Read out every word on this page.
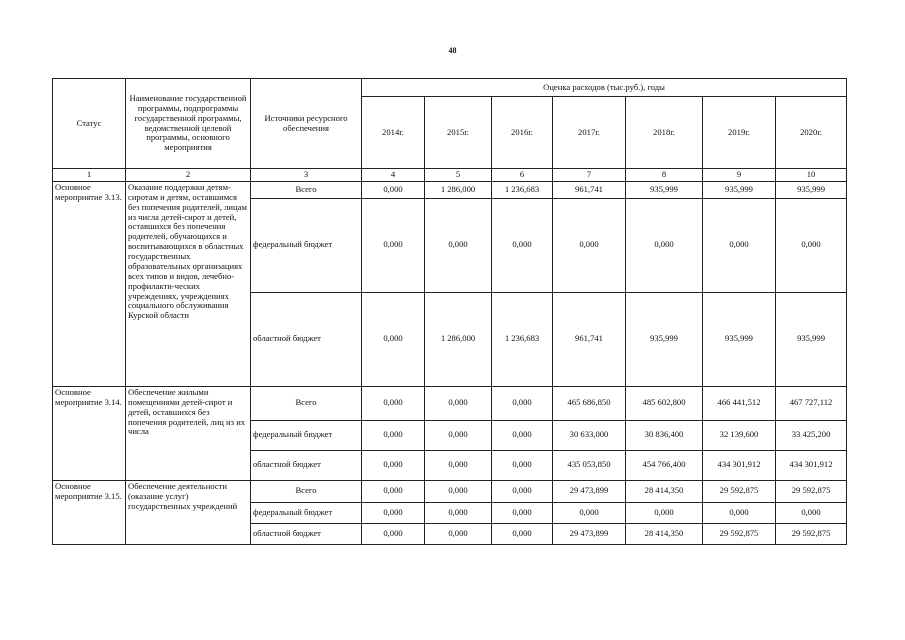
48
Статус	Наименование государственной программы, подпрограммы государственной программы, ведомственной целевой программы, основного мероприятия	Источники ресурсного обеспечения	Оценка расходов (тыс.руб.), годы						
			2014г.	2015г.	2016г.	2017г.	2018г.	2019г.	2020г.
1	2	3	4	5	6	7	8	9	10
Основное мероприятие 3.13.	Оказание поддержки детям-сиротам и детям, оставшимся без попечения родителей, лицам из числа детей-сирот и детей, оставшихся без попечения родителей, обучающихся и воспитывающихся в областных государственных образовательных организациях всех типов и видов, лечебно-профилакти-ческих учреждениях, учреждениях социального обслуживания Курской области	Всего	0,000	1 286,000	1 236,683	961,741	935,999	935,999	935,999
		федеральный бюджет	0,000	0,000	0,000	0,000	0,000	0,000	0,000
		областной бюджет	0,000	1 286,000	1 236,683	961,741	935,999	935,999	935,999
Основное мероприятие 3.14.	Обеспечение жилыми помещениями детей-сирот и детей, оставшихся без попечения родителей, лиц из их числа	Всего	0,000	0,000	0,000	465 686,850	485 602,800	466 441,512	467 727,112
		федеральный бюджет	0,000	0,000	0,000	30 633,000	30 836,400	32 139,600	33 425,200
		областной бюджет	0,000	0,000	0,000	435 053,850	454 766,400	434 301,912	434 301,912
Основное мероприятие 3.15.	Обеспечение деятельности (оказание услуг) государственных учреждений	Всего	0,000	0,000	0,000	29 473,899	28 414,350	29 592,875	29 592,875
		федеральный бюджет	0,000	0,000	0,000	0,000	0,000	0,000	0,000
		областной бюджет	0,000	0,000	0,000	29 473,899	28 414,350	29 592,875	29 592,875
